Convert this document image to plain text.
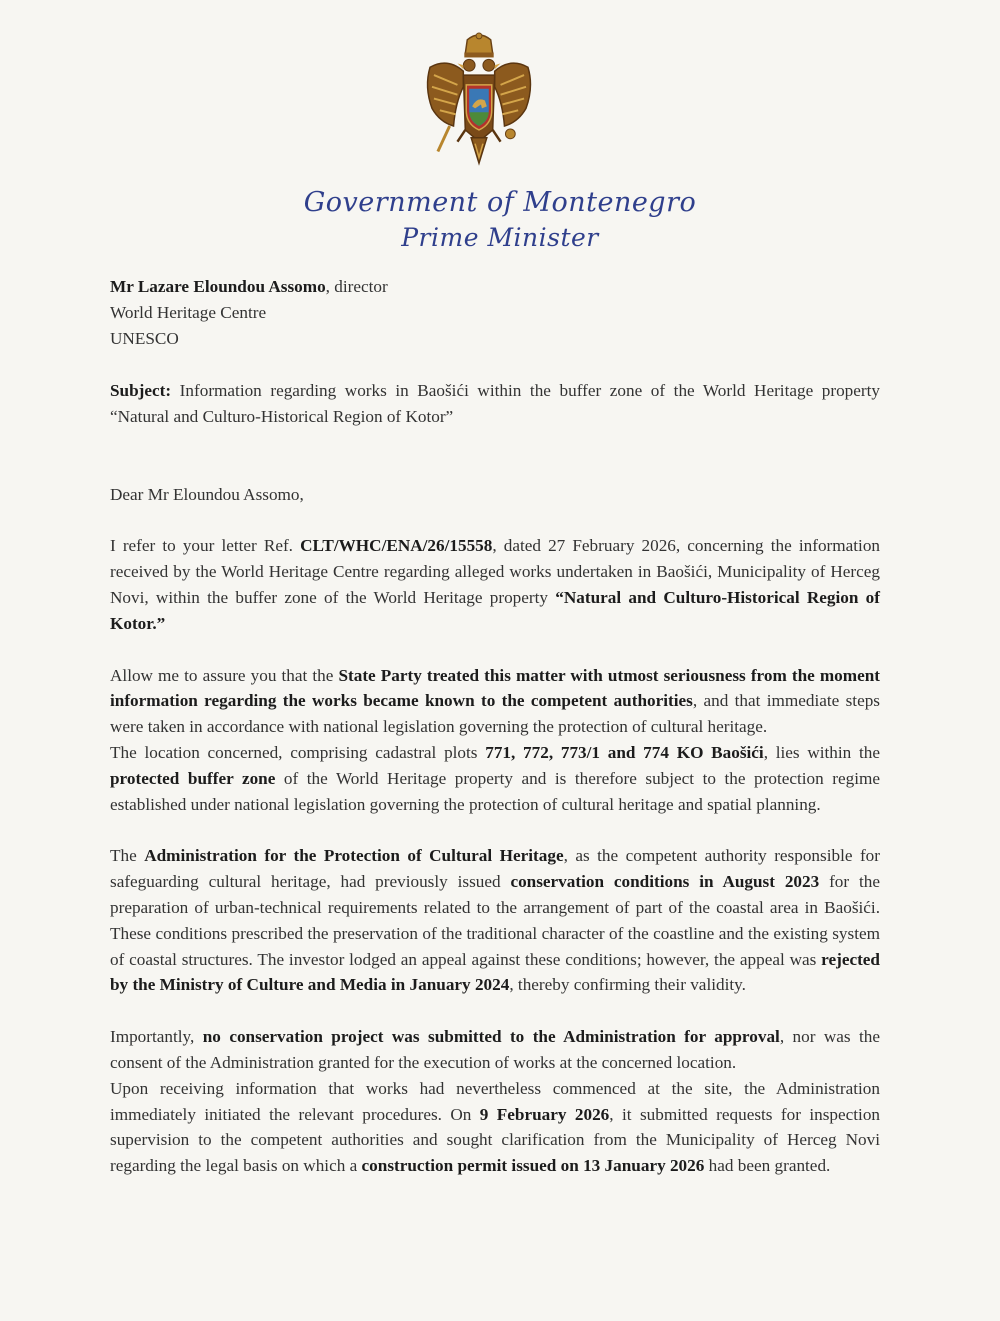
Government of Montenegro
Prime Minister
Mr Lazare Eloundou Assomo, director
World Heritage Centre
UNESCO

Subject: Information regarding works in Baošići within the buffer zone of the World Heritage property “Natural and Culturo-Historical Region of Kotor”

Dear Mr Eloundou Assomo,

I refer to your letter Ref. CLT/WHC/ENA/26/15558, dated 27 February 2026, concerning the information received by the World Heritage Centre regarding alleged works undertaken in Baošići, Municipality of Herceg Novi, within the buffer zone of the World Heritage property “Natural and Culturo-Historical Region of Kotor.”

Allow me to assure you that the State Party treated this matter with utmost seriousness from the moment information regarding the works became known to the competent authorities, and that immediate steps were taken in accordance with national legislation governing the protection of cultural heritage.

The location concerned, comprising cadastral plots 771, 772, 773/1 and 774 KO Baošići, lies within the protected buffer zone of the World Heritage property and is therefore subject to the protection regime established under national legislation governing the protection of cultural heritage and spatial planning.

The Administration for the Protection of Cultural Heritage, as the competent authority responsible for safeguarding cultural heritage, had previously issued conservation conditions in August 2023 for the preparation of urban-technical requirements related to the arrangement of part of the coastal area in Baošići. These conditions prescribed the preservation of the traditional character of the coastline and the existing system of coastal structures. The investor lodged an appeal against these conditions; however, the appeal was rejected by the Ministry of Culture and Media in January 2024, thereby confirming their validity.

Importantly, no conservation project was submitted to the Administration for approval, nor was the consent of the Administration granted for the execution of works at the concerned location.

Upon receiving information that works had nevertheless commenced at the site, the Administration immediately initiated the relevant procedures. On 9 February 2026, it submitted requests for inspection supervision to the competent authorities and sought clarification from the Municipality of Herceg Novi regarding the legal basis on which a construction permit issued on 13 January 2026 had been granted.
